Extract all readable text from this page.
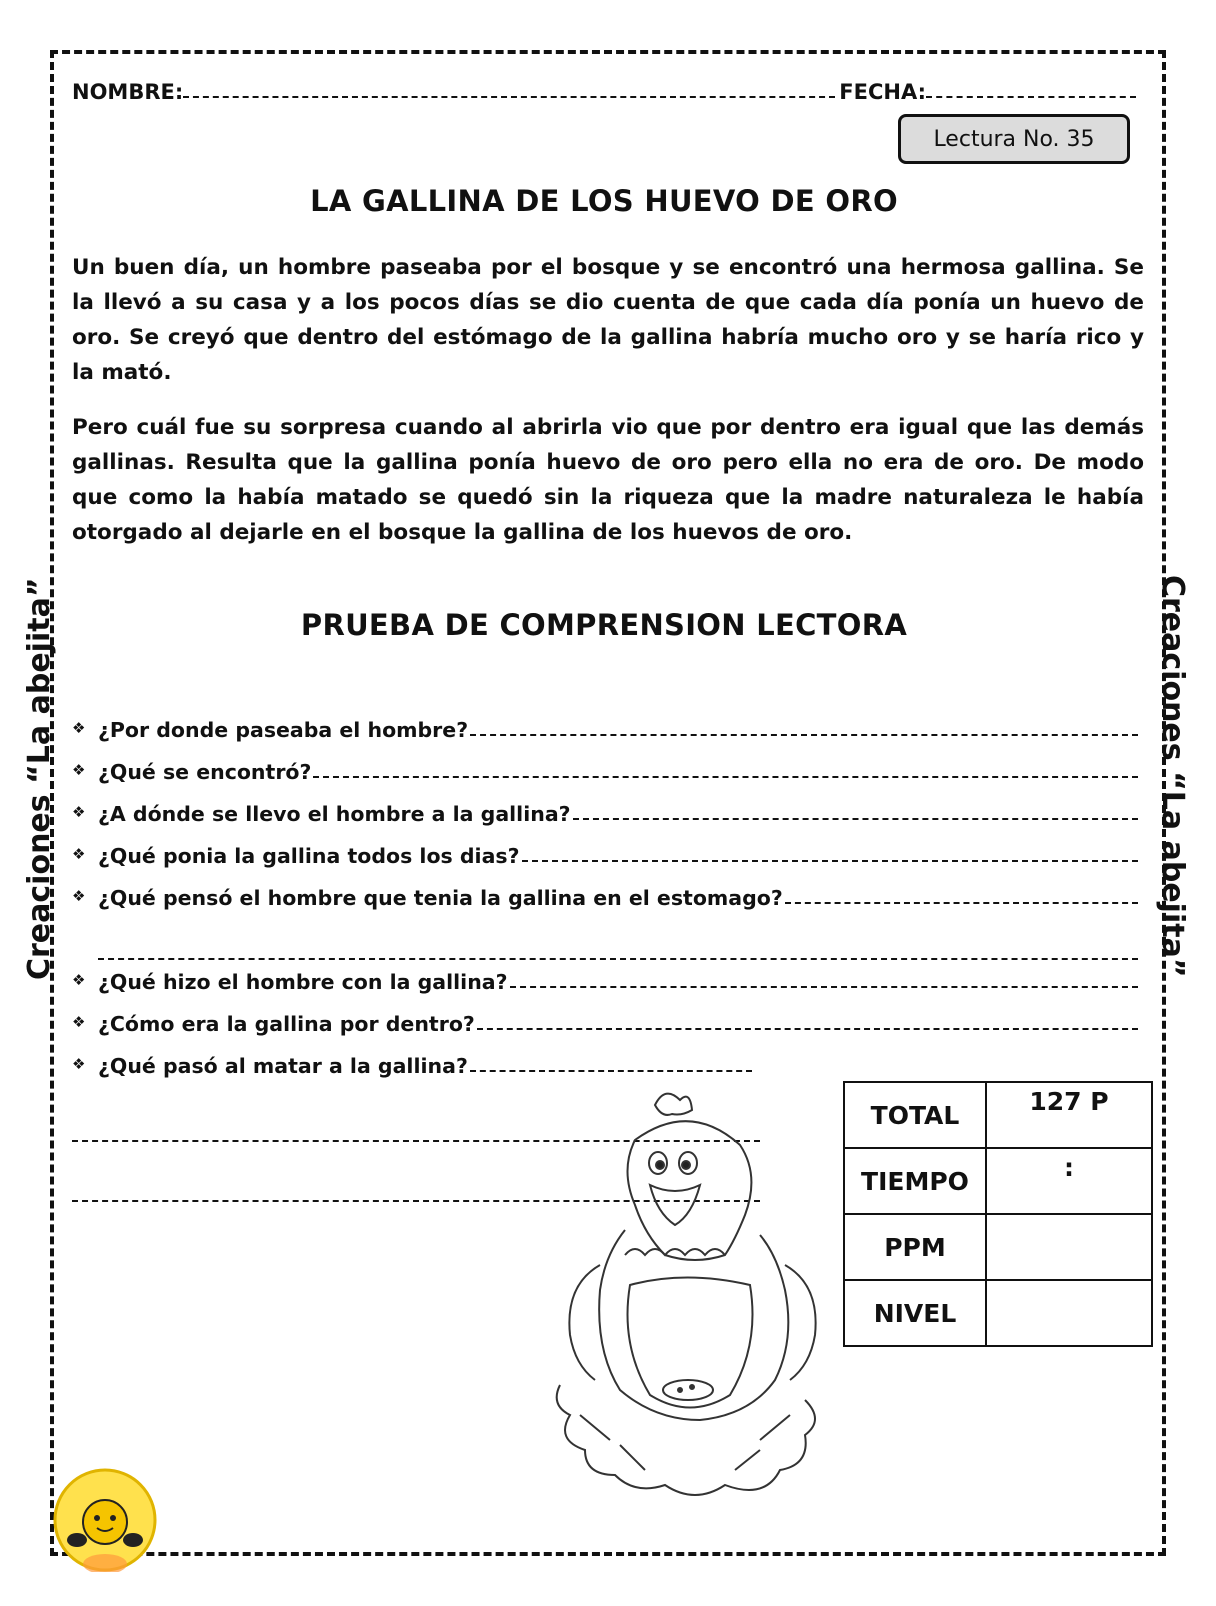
NOMBRE:	FECHA:
Lectura No. 35
LA GALLINA DE LOS HUEVO DE ORO

Un buen día, un hombre paseaba por el bosque y se encontró una hermosa gallina. Se la llevó a su casa y a los pocos días se dio cuenta de que cada día ponía un huevo de oro. Se creyó que dentro del estómago de la gallina habría mucho oro y se haría rico y la mató.

Pero cuál fue su sorpresa cuando al abrirla vio que por dentro era igual que las demás gallinas. Resulta que la gallina ponía huevo de oro pero ella no era de oro. De modo que como la había matado se quedó sin la riqueza que la madre naturaleza le había otorgado al dejarle en el bosque la gallina de los huevos de oro.

PRUEBA DE COMPRENSION LECTORA
❖ ¿Por donde paseaba el hombre?
❖ ¿Qué se encontró?
❖ ¿A dónde se llevo el hombre a la gallina?
❖ ¿Qué ponia la gallina todos los dias?
❖ ¿Qué pensó el hombre que tenia la gallina en el estomago?
❖ ¿Qué hizo el hombre con la gallina?
❖ ¿Cómo era la gallina por dentro?
❖ ¿Qué pasó al matar a la gallina?
TOTAL	127 P
TIEMPO	:
PPM	
NIVEL	
Creaciones “La abejita”	Creaciones “La abejita”
